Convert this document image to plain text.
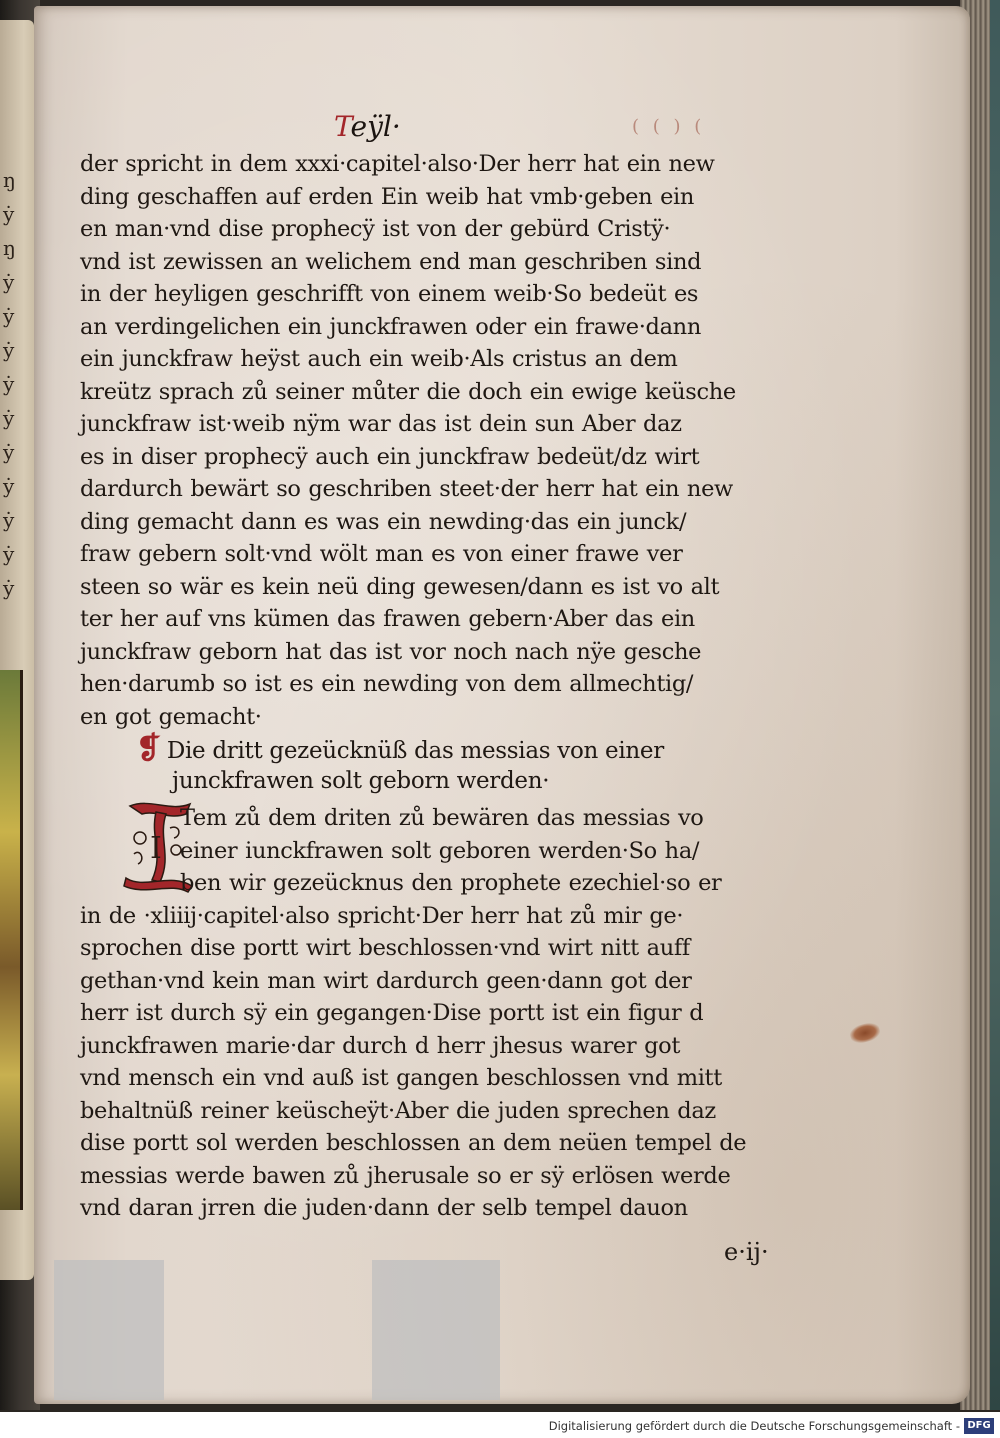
ŋ
ẏ
ŋ
ẏ
ẏ
ẏ
ẏ
ẏ
ẏ
ẏ
ẏ
ẏ
ẏ
Teÿl·	( ( ) (
der spricht in dem xxxi·capitel·also·Der herr hat ein new
ding geschaffen auf erden Ein weib hat vmb·geben ein
en man·vnd dise prophecÿ ist von der gebürd Cristÿ·
vnd ist zewissen an welichem end man geschriben sind
in der heyligen geschrifft von einem weib·So bedeüt es
an verdingelichen ein junckfrawen oder ein frawe·dann
ein junckfraw heÿst auch ein weib·Als cristus an dem
kreütz sprach zů seiner můter die doch ein ewige keüsche
junckfraw ist·weib nÿm war das ist dein sun Aber daz
es in diser prophecÿ auch ein junckfraw bedeüt/dz wirt
dardurch bewärt so geschriben steet·der herr hat ein new
ding gemacht dann es was ein newding·das ein junck/
fraw gebern solt·vnd wölt man es von einer frawe ver
steen so wär es kein neü ding gewesen/dann es ist vo alt
ter her auf vns kümen das frawen gebern·Aber das ein
junckfraw geborn hat das ist vor noch nach nÿe gesche
hen·darumb so ist es ein newding von dem allmechtig/
en got gemacht·
❡ Die dritt gezeücknüß das messias von einer
junckfrawen solt geborn werden·
I
Tem zů dem driten zů bewären das messias vo
einer iunckfrawen solt geboren werden·So ha/
ben wir gezeücknus den prophete ezechiel·so er
in de ·xliiij·capitel·also spricht·Der herr hat zů mir ge·
sprochen dise portt wirt beschlossen·vnd wirt nitt auff
gethan·vnd kein man wirt dardurch geen·dann got der
herr ist durch sÿ ein gegangen·Dise portt ist ein figur d
junckfrawen marie·dar durch d herr jhesus warer got
vnd mensch ein vnd auß ist gangen beschlossen vnd mitt
behaltnüß reiner keüscheÿt·Aber die juden sprechen daz
dise portt sol werden beschlossen an dem neüen tempel de
messias werde bawen zů jherusale so er sÿ erlösen werde
vnd daran jrren die juden·dann der selb tempel dauon
e·ij·
Digitalisierung gefördert durch die Deutsche Forschungsgemeinschaft - DFG
